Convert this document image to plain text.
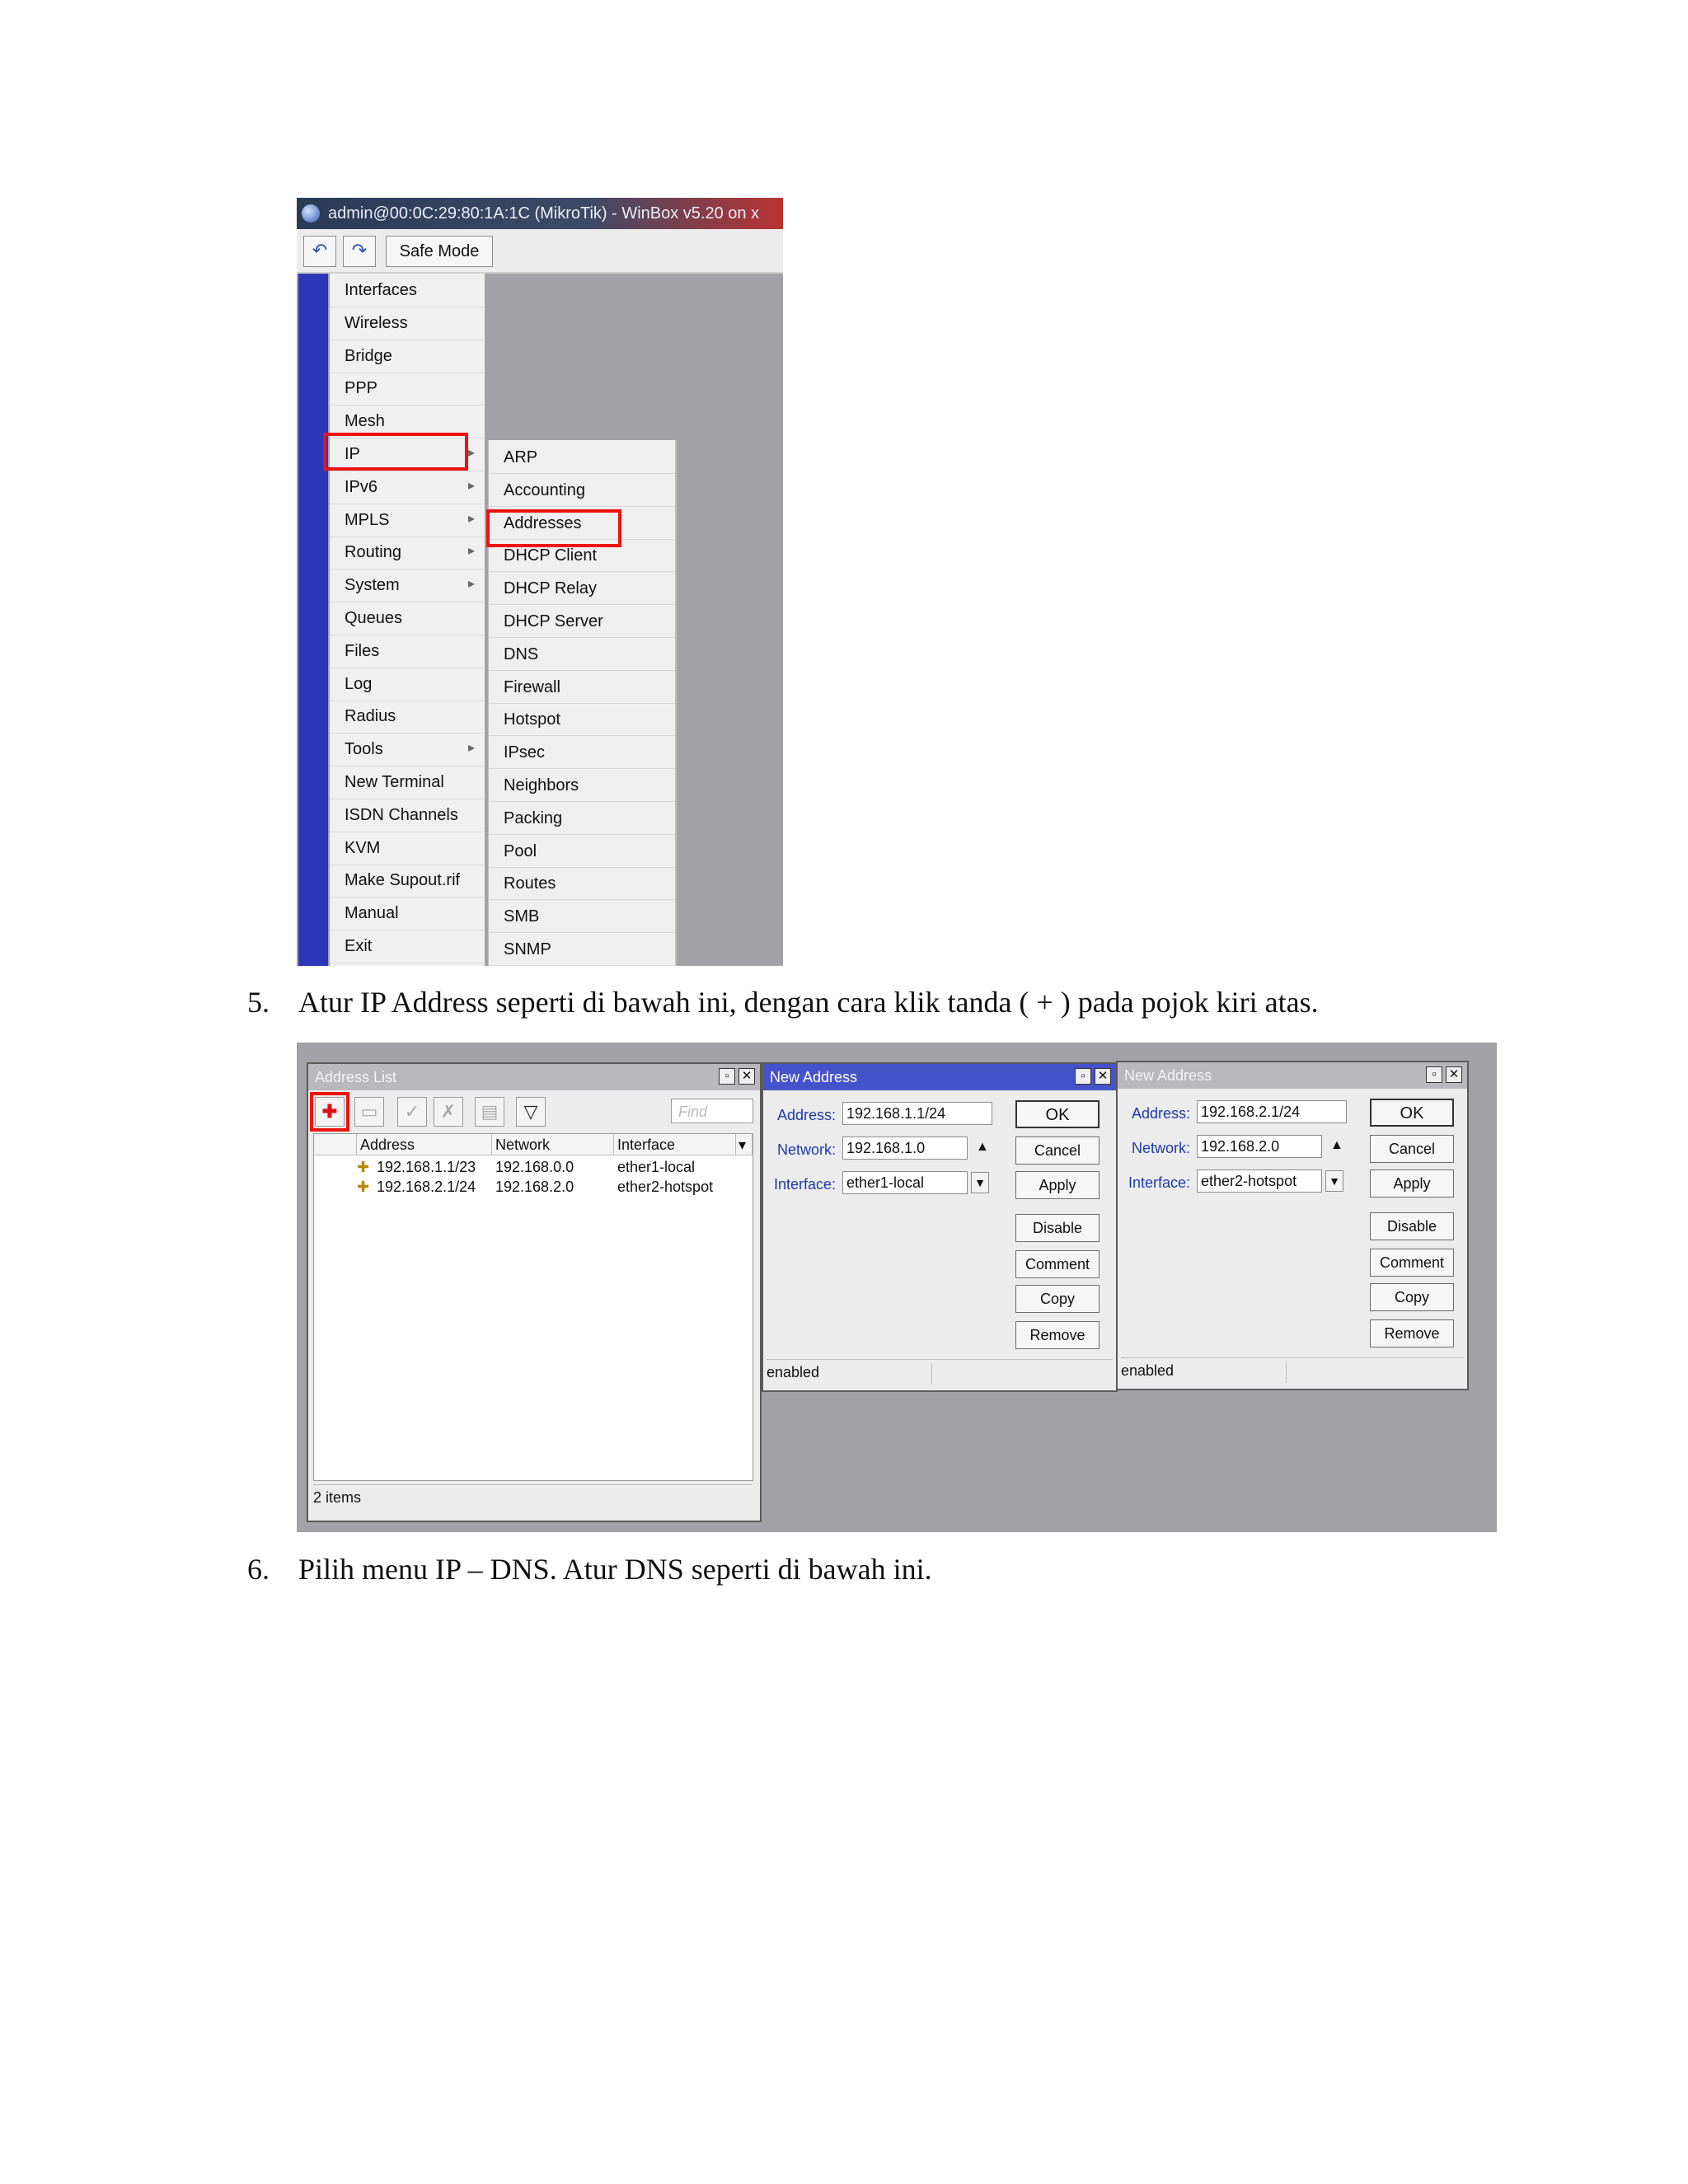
admin@00:0C:29:80:1A:1C (MikroTik) - WinBox v5.20 on x
↶	↷	Safe Mode
Interfaces
Wireless
Bridge
PPP
Mesh
IP	▸
IPv6	▸
MPLS	▸
Routing	▸
System	▸
Queues
Files
Log
Radius
Tools	▸
New Terminal
ISDN Channels
KVM
Make Supout.rif
Manual
Exit
ARP
Accounting
Addresses
DHCP Client
DHCP Relay
DHCP Server
DNS
Firewall
Hotspot
IPsec
Neighbors
Packing
Pool
Routes
SMB
SNMP
5. Atur IP Address seperti di bawah ini, dengan cara klik tanda ( + ) pada pojok kiri atas.
Address List	▫	✕
✚	▭	✓	✗	▤	▽	Find
Address	Network	Interface	▾
✚ 192.168.1.1/23 192.168.0.0	ether1-local
✚ 192.168.2.1/24 192.168.2.0	ether2-hotspot
2 items
New Address	▫	✕
Address: 192.168.1.1/24
Network: 192.168.1.0	▲
Interface: ether1-local	▼
OK
Cancel
Apply
Disable
Comment
Copy
Remove
enabled
New Address	▫	✕
Address: 192.168.2.1/24
Network: 192.168.2.0	▲
Interface: ether2-hotspot	▼
OK
Cancel
Apply
Disable
Comment
Copy
Remove
enabled
6. Pilih menu IP – DNS. Atur DNS seperti di bawah ini.
